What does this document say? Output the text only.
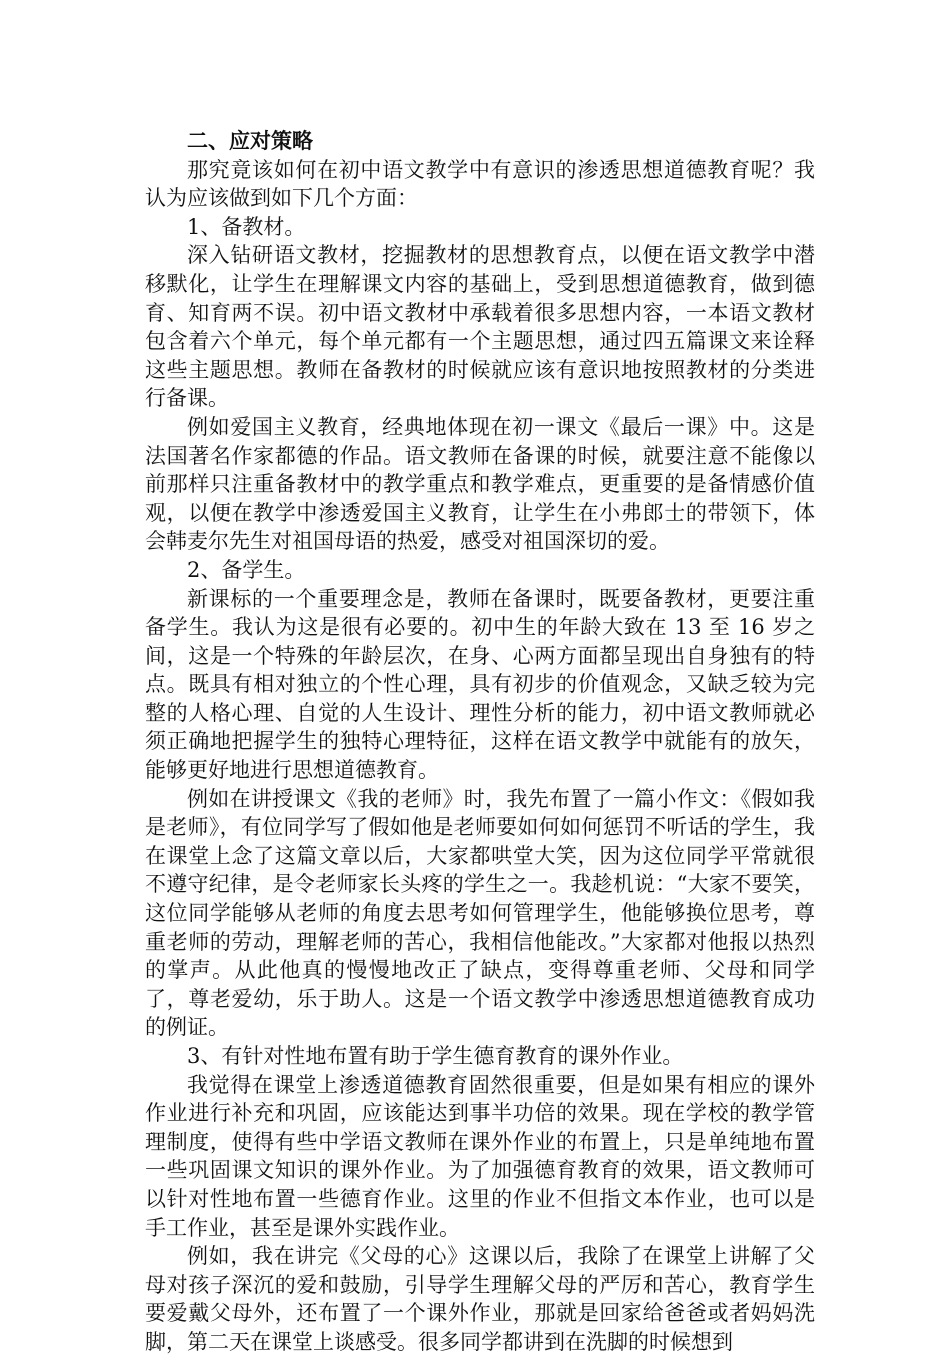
二、应对策略

那究竟该如何在初中语文教学中有意识的渗透思想道德教育呢？我认为应该做到如下几个方面：

1、备教材。

深入钻研语文教材，挖掘教材的思想教育点，以便在语文教学中潜移默化，让学生在理解课文内容的基础上，受到思想道德教育，做到德育、知育两不误。初中语文教材中承载着很多思想内容，一本语文教材包含着六个单元，每个单元都有一个主题思想，通过四五篇课文来诠释这些主题思想。教师在备教材的时候就应该有意识地按照教材的分类进行备课。

例如爱国主义教育，经典地体现在初一课文《最后一课》中。这是法国著名作家都德的作品。语文教师在备课的时候，就要注意不能像以前那样只注重备教材中的教学重点和教学难点，更重要的是备情感价值观，以便在教学中渗透爱国主义教育，让学生在小弗郎士的带领下，体会韩麦尔先生对祖国母语的热爱，感受对祖国深切的爱。

2、备学生。

新课标的一个重要理念是，教师在备课时，既要备教材，更要注重备学生。我认为这是很有必要的。初中生的年龄大致在 13 至 16 岁之间，这是一个特殊的年龄层次，在身、心两方面都呈现出自身独有的特点。既具有相对独立的个性心理，具有初步的价值观念，又缺乏较为完整的人格心理、自觉的人生设计、理性分析的能力，初中语文教师就必须正确地把握学生的独特心理特征，这样在语文教学中就能有的放矢，能够更好地进行思想道德教育。

例如在讲授课文《我的老师》时，我先布置了一篇小作文：《假如我是老师》，有位同学写了假如他是老师要如何如何惩罚不听话的学生，我在课堂上念了这篇文章以后，大家都哄堂大笑，因为这位同学平常就很不遵守纪律，是令老师家长头疼的学生之一。我趁机说：“大家不要笑，这位同学能够从老师的角度去思考如何管理学生，他能够换位思考，尊重老师的劳动，理解老师的苦心，我相信他能改。”大家都对他报以热烈的掌声。从此他真的慢慢地改正了缺点，变得尊重老师、父母和同学了，尊老爱幼，乐于助人。这是一个语文教学中渗透思想道德教育成功的例证。

3、有针对性地布置有助于学生德育教育的课外作业。

我觉得在课堂上渗透道德教育固然很重要，但是如果有相应的课外作业进行补充和巩固，应该能达到事半功倍的效果。现在学校的教学管理制度，使得有些中学语文教师在课外作业的布置上，只是单纯地布置一些巩固课文知识的课外作业。为了加强德育教育的效果，语文教师可以针对性地布置一些德育作业。这里的作业不但指文本作业，也可以是手工作业，甚至是课外实践作业。

例如，我在讲完《父母的心》这课以后，我除了在课堂上讲解了父母对孩子深沉的爱和鼓励，引导学生理解父母的严厉和苦心，教育学生要爱戴父母外，还布置了一个课外作业，那就是回家给爸爸或者妈妈洗脚，第二天在课堂上谈感受。很多同学都讲到在洗脚的时候想到
